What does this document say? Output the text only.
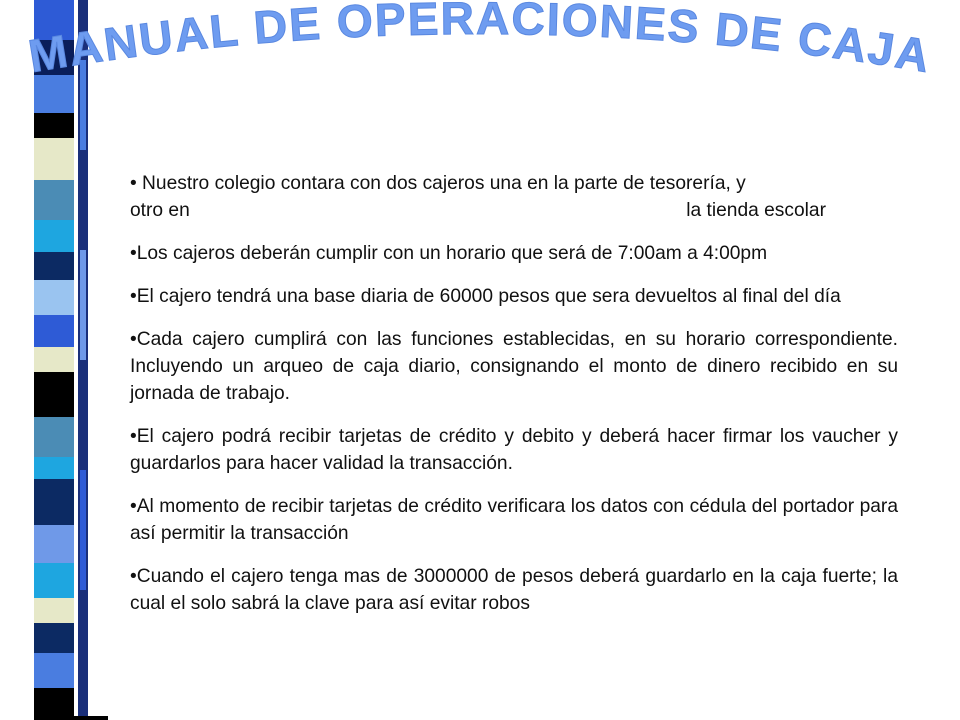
MANUAL DE OPERACIONES DE CAJA
• Nuestro colegio contara con dos cajeros una en la parte de tesorería, y
otro en	la tienda escolar

•Los cajeros deberán cumplir con un horario que será de 7:00am a 4:00pm

•El cajero tendrá una base diaria de 60000 pesos que sera devueltos al final del día

•Cada cajero cumplirá con las funciones establecidas, en su horario correspondiente. Incluyendo un arqueo de caja diario, consignando el monto de dinero recibido en su jornada de trabajo.

•El cajero podrá recibir tarjetas de crédito y debito y deberá hacer firmar los vaucher y guardarlos para hacer validad la transacción.

•Al momento de recibir tarjetas de crédito verificara los datos con cédula del portador para así permitir la transacción

•Cuando el cajero tenga mas de 3000000 de pesos deberá guardarlo en la caja fuerte; la cual el solo sabrá la clave para así evitar robos
